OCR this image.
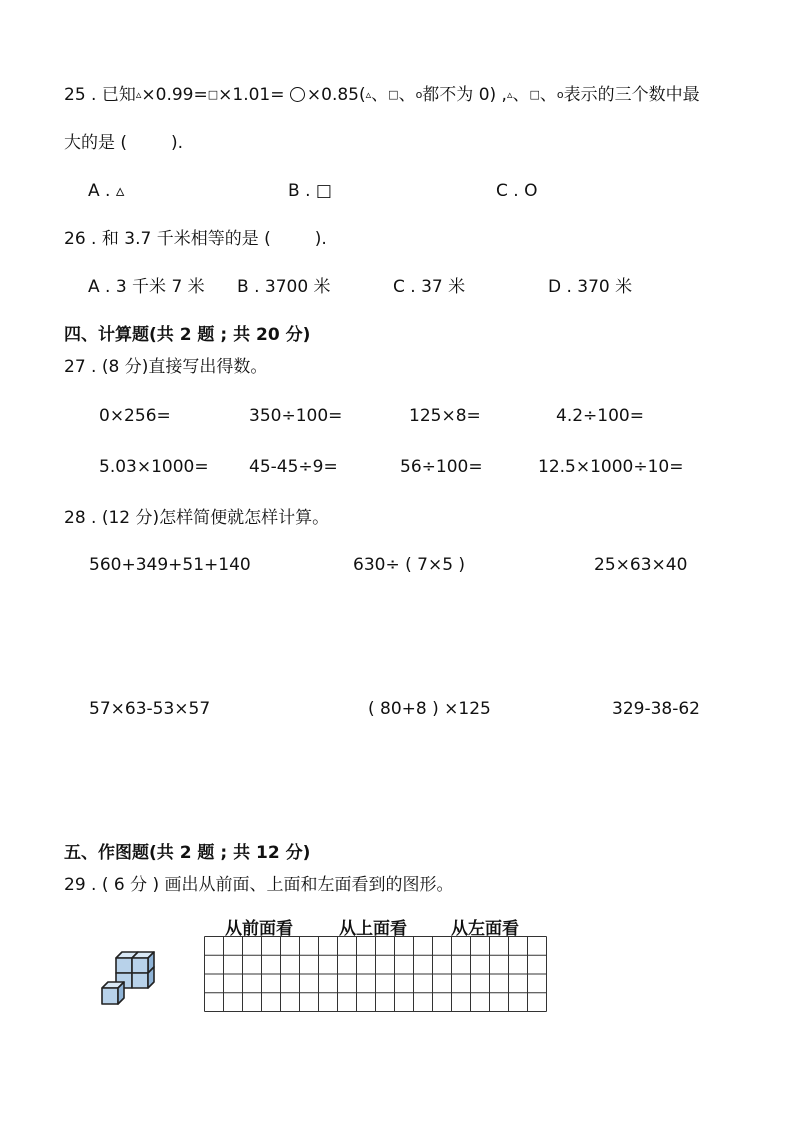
25 . 已知▵×0.99=□×1.01= ×0.85(▵、□、o都不为 0) ,▵、□、o表示的三个数中最
大的是 (	).
A . ▵	B . □	C . O
26 . 和 3.7 千米相等的是 (	).
A . 3 千米 7 米 B . 3700 米	C . 37 米	D . 370 米
四、计算题(共 2 题 ; 共 20 分)
27 . (8 分)直接写出得数。
0×256=	350÷100=	125×8=	4.2÷100=
5.03×1000= 45-45÷9=	56÷100=	12.5×1000÷10=
28 . (12 分)怎样简便就怎样计算。
560+349+51+140	630÷ ( 7×5 )	25×63×40
57×63-53×57	( 80+8 ) ×125	329-38-62
五、作图题(共 2 题 ; 共 12 分)
29 . ( 6 分 ) 画出从前面、上面和左面看到的图形。
从前面看	从上面看	从左面看
